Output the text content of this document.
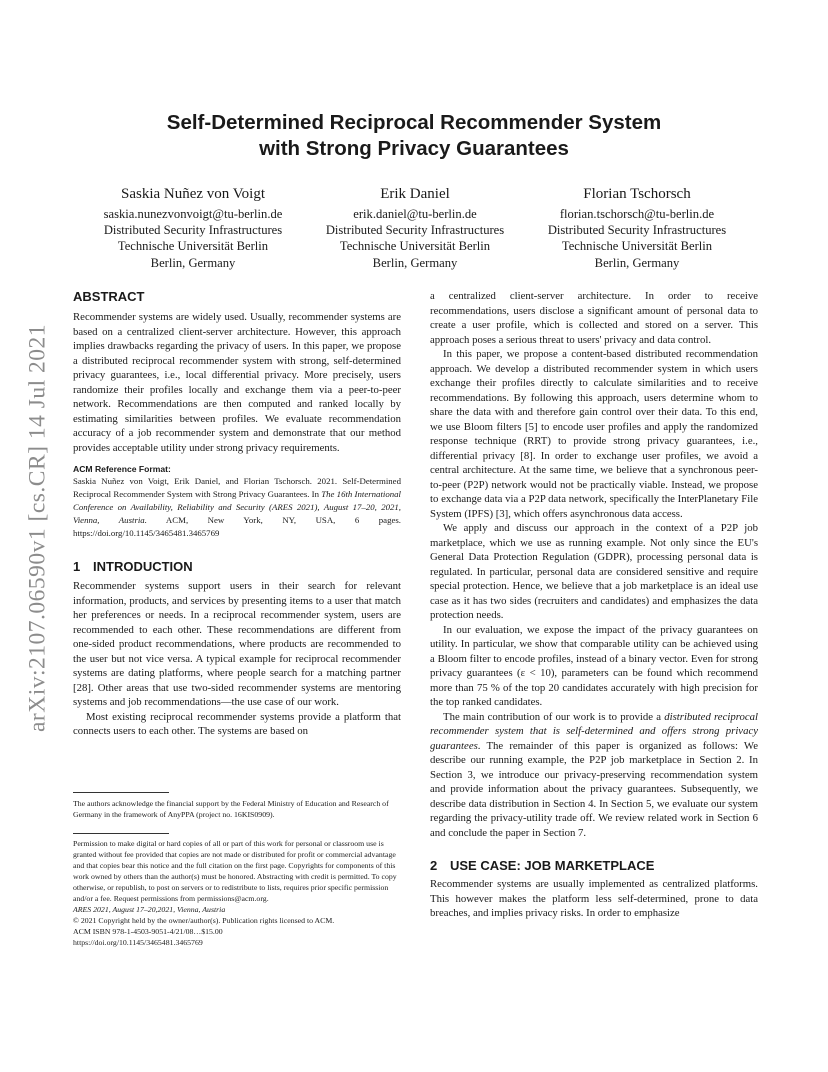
arXiv:2107.06590v1 [cs.CR] 14 Jul 2021
Self-Determined Reciprocal Recommender System
with Strong Privacy Guarantees
Saskia Nuñez von Voigt
saskia.nunezvonvoigt@tu-berlin.de
Distributed Security Infrastructures
Technische Universität Berlin
Berlin, Germany
Erik Daniel
erik.daniel@tu-berlin.de
Distributed Security Infrastructures
Technische Universität Berlin
Berlin, Germany
Florian Tschorsch
florian.tschorsch@tu-berlin.de
Distributed Security Infrastructures
Technische Universität Berlin
Berlin, Germany
ABSTRACT

Recommender systems are widely used. Usually, recommender systems are based on a centralized client-server architecture. However, this approach implies drawbacks regarding the privacy of users. In this paper, we propose a distributed reciprocal recommender system with strong, self-determined privacy guarantees, i.e., local differential privacy. More precisely, users randomize their profiles locally and exchange them via a peer-to-peer network. Recommendations are then computed and ranked locally by estimating similarities between profiles. We evaluate recommendation accuracy of a job recommender system and demonstrate that our method provides acceptable utility under strong privacy requirements.

ACM Reference Format:
Saskia Nuñez von Voigt, Erik Daniel, and Florian Tschorsch. 2021. Self-Determined Reciprocal Recommender System with Strong Privacy Guarantees. In The 16th International Conference on Availability, Reliability and Security (ARES 2021), August 17–20, 2021, Vienna, Austria. ACM, New York, NY, USA, 6 pages. https://doi.org/10.1145/3465481.3465769
1 INTRODUCTION

Recommender systems support users in their search for relevant information, products, and services by presenting items to a user that match her preferences or needs. In a reciprocal recommender system, users are recommended to each other. These recommendations are different from one-sided product recommendations, where products are recommended to the user but not vice versa. A typical example for reciprocal recommender systems are dating platforms, where people search for a matching partner [28]. Other areas that use two-sided recommender systems are mentoring systems and job recommendations—the use case of our work.

Most existing reciprocal recommender systems provide a platform that connects users to each other. The systems are based on

The authors acknowledge the financial support by the Federal Ministry of Education and Research of Germany in the framework of AnyPPA (project no. 16KIS0909).
Permission to make digital or hard copies of all or part of this work for personal or classroom use is granted without fee provided that copies are not made or distributed for profit or commercial advantage and that copies bear this notice and the full citation on the first page. Copyrights for components of this work owned by others than the author(s) must be honored. Abstracting with credit is permitted. To copy otherwise, or republish, to post on servers or to redistribute to lists, requires prior specific permission and/or a fee. Request permissions from permissions@acm.org.
ARES 2021, August 17–20,2021, Vienna, Austria
© 2021 Copyright held by the owner/author(s). Publication rights licensed to ACM.
ACM ISBN 978-1-4503-9051-4/21/08…$15.00
https://doi.org/10.1145/3465481.3465769

a centralized client-server architecture. In order to receive recommendations, users disclose a significant amount of personal data to create a user profile, which is collected and stored on a server. This approach poses a serious threat to users' privacy and data control.

In this paper, we propose a content-based distributed recommendation approach. We develop a distributed recommender system in which users exchange their profiles directly to calculate similarities and to receive recommendations. By following this approach, users determine whom to share the data with and therefore gain control over their data. To this end, we use Bloom filters [5] to encode user profiles and apply the randomized response technique (RRT) to provide strong privacy guarantees, i.e., differential privacy [8]. In order to exchange user profiles, we avoid a central architecture. At the same time, we believe that a synchronous peer-to-peer (P2P) network would not be practically viable. Instead, we propose to exchange data via a P2P data network, specifically the InterPlanetary File System (IPFS) [3], which offers asynchronous data access.

We apply and discuss our approach in the context of a P2P job marketplace, which we use as running example. Not only since the EU's General Data Protection Regulation (GDPR), processing personal data is regulated. In particular, personal data are considered sensitive and require special protection. Hence, we believe that a job marketplace is an ideal use case as it has two sides (recruiters and candidates) and emphasizes the data protection needs.

In our evaluation, we expose the impact of the privacy guarantees on utility. In particular, we show that comparable utility can be achieved using a Bloom filter to encode profiles, instead of a binary vector. Even for strong privacy guarantees (ε < 10), parameters can be found which recommend more than 75 % of the top 20 candidates accurately with high precision for the top ranked candidates.

The main contribution of our work is to provide a distributed reciprocal recommender system that is self-determined and offers strong privacy guarantees. The remainder of this paper is organized as follows: We describe our running example, the P2P job marketplace in Section 2. In Section 3, we introduce our privacy-preserving recommendation system and provide information about the privacy guarantees. Subsequently, we describe data distribution in Section 4. In Section 5, we evaluate our system regarding the privacy-utility trade off. We review related work in Section 6 and conclude the paper in Section 7.

2 USE CASE: JOB MARKETPLACE

Recommender systems are usually implemented as centralized platforms. This however makes the platform less self-determined, prone to data breaches, and implies privacy risks. In order to emphasize
